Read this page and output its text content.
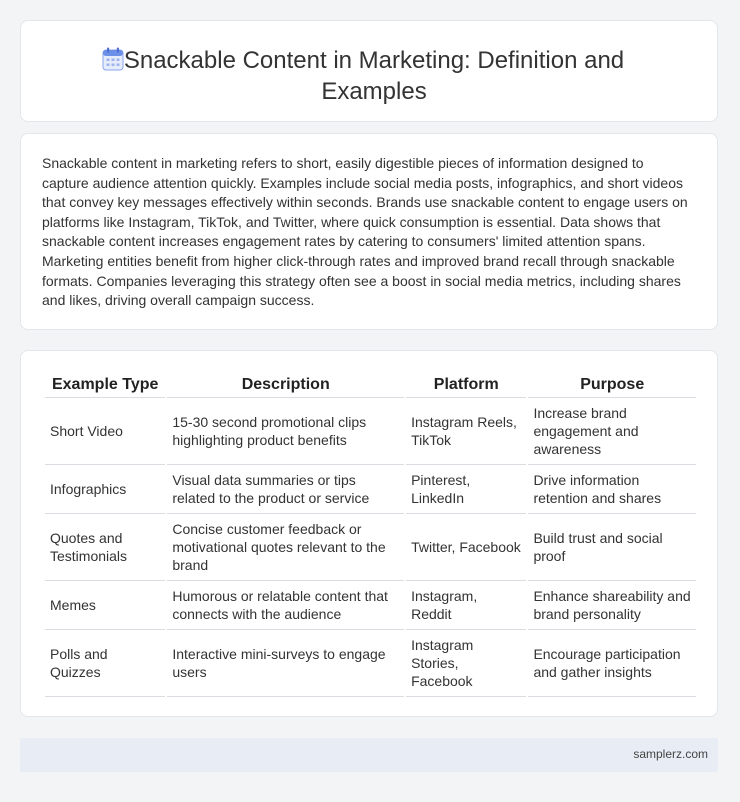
Snackable Content in Marketing: Definition and Examples

Snackable content in marketing refers to short, easily digestible pieces of information designed to capture audience attention quickly. Examples include social media posts, infographics, and short videos that convey key messages effectively within seconds. Brands use snackable content to engage users on platforms like Instagram, TikTok, and Twitter, where quick consumption is essential. Data shows that snackable content increases engagement rates by catering to consumers' limited attention spans. Marketing entities benefit from higher click-through rates and improved brand recall through snackable formats. Companies leveraging this strategy often see a boost in social media metrics, including shares and likes, driving overall campaign success.

Example Type	Description	Platform	Purpose
Short Video	15-30 second promotional clips highlighting product benefits	Instagram Reels, TikTok	Increase brand engagement and awareness
Infographics	Visual data summaries or tips related to the product or service	Pinterest, LinkedIn	Drive information retention and shares
Quotes and Testimonials	Concise customer feedback or motivational quotes relevant to the brand	Twitter, Facebook	Build trust and social proof
Memes	Humorous or relatable content that connects with the audience	Instagram, Reddit	Enhance shareability and brand personality
Polls and Quizzes	Interactive mini-surveys to engage users	Instagram Stories, Facebook	Encourage participation and gather insights
samplerz.com
